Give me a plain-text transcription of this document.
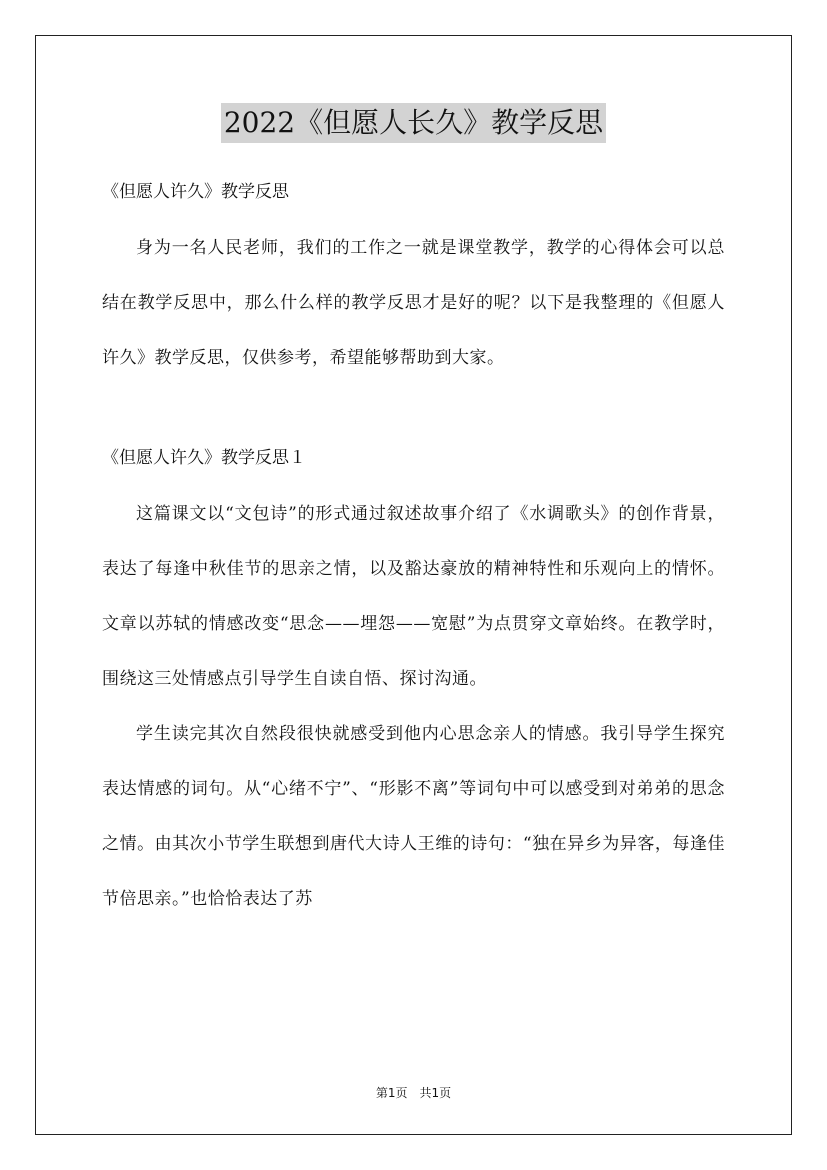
2022《但愿人长久》教学反思

《但愿人许久》教学反思

身为一名人民老师，我们的工作之一就是课堂教学，教学的心得体会可以总结在教学反思中，那么什么样的教学反思才是好的呢？以下是我整理的《但愿人许久》教学反思，仅供参考，希望能够帮助到大家。

《但愿人许久》教学反思１

这篇课文以“文包诗”的形式通过叙述故事介绍了《水调歌头》的创作背景，表达了每逢中秋佳节的思亲之情，以及豁达豪放的精神特性和乐观向上的情怀。文章以苏轼的情感改变“思念——埋怨——宽慰”为点贯穿文章始终。在教学时，围绕这三处情感点引导学生自读自悟、探讨沟通。

学生读完其次自然段很快就感受到他内心思念亲人的情感。我引导学生探究表达情感的词句。从“心绪不宁”、“形影不离”等词句中可以感受到对弟弟的思念之情。由其次小节学生联想到唐代大诗人王维的诗句：“独在异乡为异客，每逢佳节倍思亲。”也恰恰表达了苏

第1页　共1页
